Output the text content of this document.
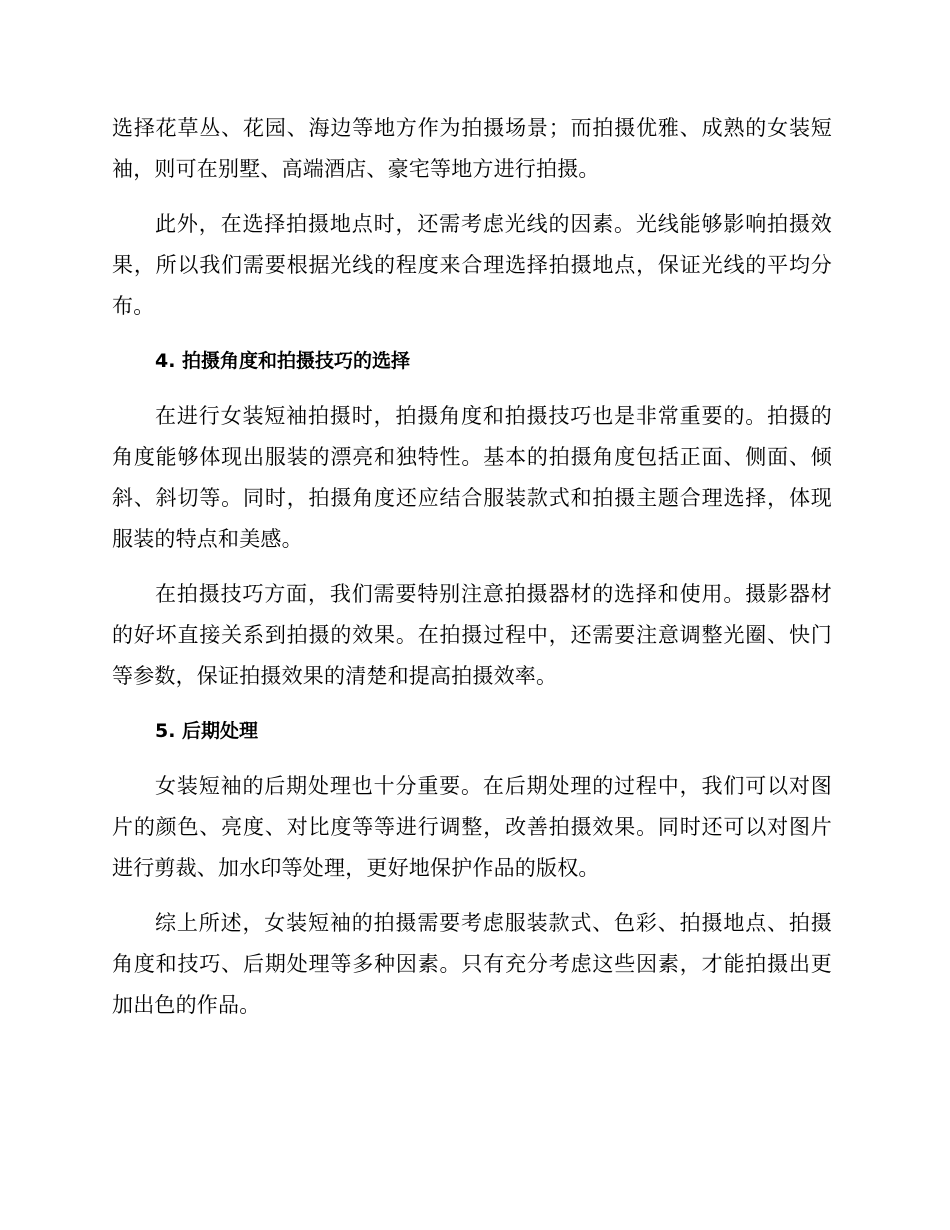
选择花草丛、花园、海边等地方作为拍摄场景；而拍摄优雅、成熟的女装短袖，则可在别墅、高端酒店、豪宅等地方进行拍摄。

此外，在选择拍摄地点时，还需考虑光线的因素。光线能够影响拍摄效果，所以我们需要根据光线的程度来合理选择拍摄地点，保证光线的平均分布。

4. 拍摄角度和拍摄技巧的选择

在进行女装短袖拍摄时，拍摄角度和拍摄技巧也是非常重要的。拍摄的角度能够体现出服装的漂亮和独特性。基本的拍摄角度包括正面、侧面、倾斜、斜切等。同时，拍摄角度还应结合服装款式和拍摄主题合理选择，体现服装的特点和美感。

在拍摄技巧方面，我们需要特别注意拍摄器材的选择和使用。摄影器材的好坏直接关系到拍摄的效果。在拍摄过程中，还需要注意调整光圈、快门等参数，保证拍摄效果的清楚和提高拍摄效率。

5. 后期处理

女装短袖的后期处理也十分重要。在后期处理的过程中，我们可以对图片的颜色、亮度、对比度等等进行调整，改善拍摄效果。同时还可以对图片进行剪裁、加水印等处理，更好地保护作品的版权。

综上所述，女装短袖的拍摄需要考虑服装款式、色彩、拍摄地点、拍摄角度和技巧、后期处理等多种因素。只有充分考虑这些因素，才能拍摄出更加出色的作品。
